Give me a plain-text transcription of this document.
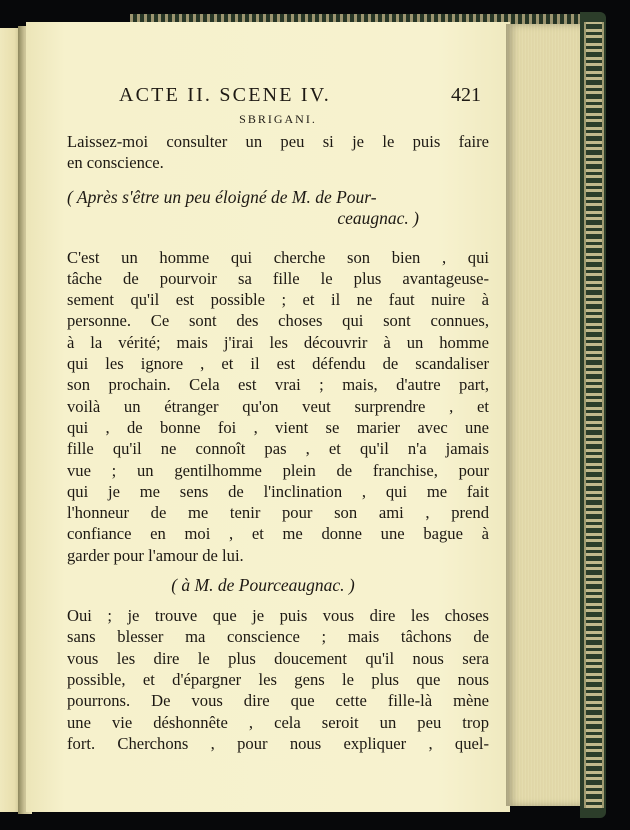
ACTE II. SCENE IV.	421
SBRIGANI.
Laissez-moi consulter un peu si je le puis faire
en conscience.
( Après s'être un peu éloigné de M. de Pour-
ceaugnac. )
C'est un homme qui cherche son bien , qui
tâche de pourvoir sa fille le plus avantageuse-
sement qu'il est possible ; et il ne faut nuire à
personne. Ce sont des choses qui sont connues,
à la vérité; mais j'irai les découvrir à un homme
qui les ignore , et il est défendu de scandaliser
son prochain. Cela est vrai ; mais, d'autre part,
voilà un étranger qu'on veut surprendre , et
qui , de bonne foi , vient se marier avec une
fille qu'il ne connoît pas , et qu'il n'a jamais
vue ; un gentilhomme plein de franchise, pour
qui je me sens de l'inclination , qui me fait
l'honneur de me tenir pour son ami , prend
confiance en moi , et me donne une bague à
garder pour l'amour de lui.
( à M. de Pourceaugnac. )
Oui ; je trouve que je puis vous dire les choses
sans blesser ma conscience ; mais tâchons de
vous les dire le plus doucement qu'il nous sera
possible, et d'épargner les gens le plus que nous
pourrons. De vous dire que cette fille-là mène
une vie déshonnête , cela seroit un peu trop
fort. Cherchons , pour nous expliquer , quel-
